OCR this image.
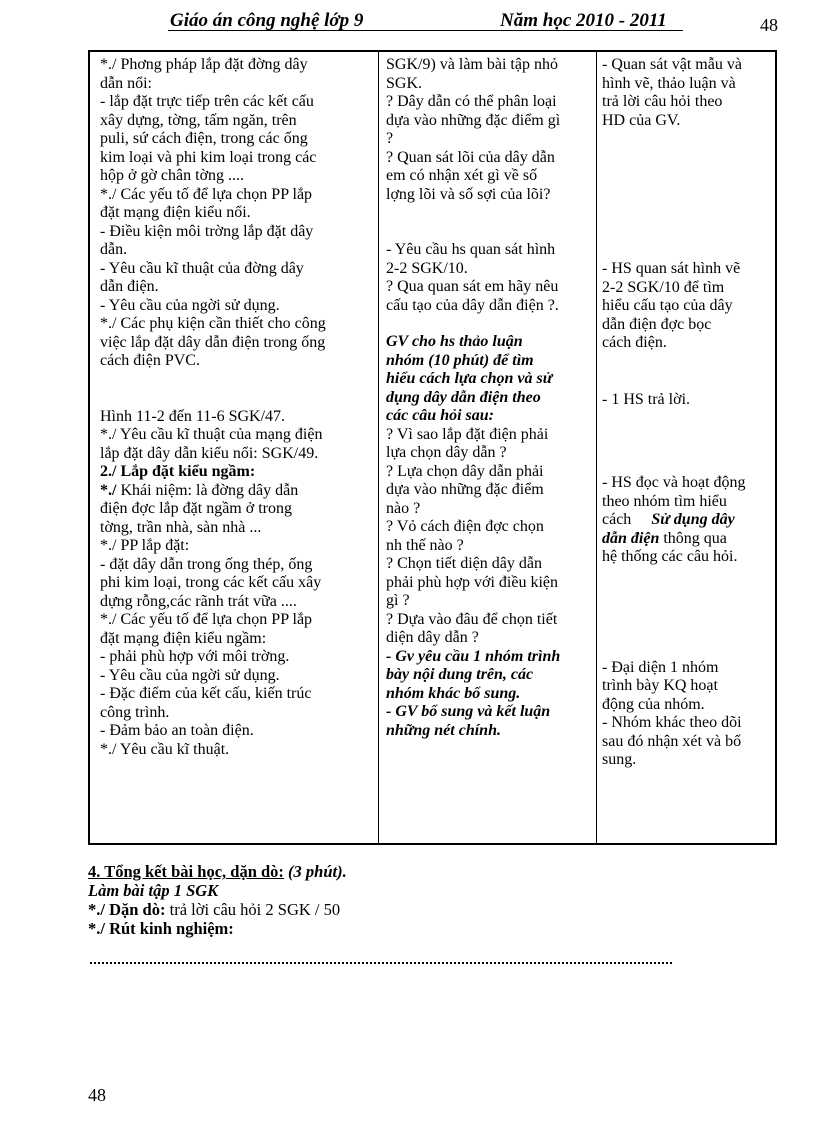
Giáo án công nghệ lớp 9	Năm học 2010 - 2011	48
*./ Phơng pháp lắp đặt đờng dây
dẫn nổi:
- lắp đặt trực tiếp trên các kết cấu
xây dựng, tờng, tấm ngăn, trên
puli, sứ cách điện, trong các ống
kim loại và phi kim loại trong các
hộp ở gờ chân tờng ....
*./ Các yếu tố để lựa chọn PP lắp
đặt mạng điện kiểu nổi.
- Điều kiện môi trờng lắp đặt dây
dẫn.
- Yêu cầu kĩ thuật của đờng dây
dẫn điện.
- Yêu cầu của ngời sử dụng.
*./ Các phụ kiện cần thiết cho công
việc lắp đặt dây dẫn điện trong ống
cách điện PVC.
Hình 11-2 đến 11-6 SGK/47.
*./ Yêu cầu kĩ thuật của mạng điện
lắp đặt dây dẫn kiểu nổi: SGK/49.
2./ Lắp đặt kiểu ngầm:
*./ Khái niệm: là đờng dây dẫn
điện đợc lắp đặt ngầm ở trong
tờng, trần nhà, sàn nhà ...
*./ PP lắp đặt:
- đặt dây dẫn trong ống thép, ống
phi kim loại, trong các kết cấu xây
dựng rỗng,các rãnh trát vữa ....
*./ Các yếu tố để lựa chọn PP lắp
đặt mạng điện kiểu ngầm:
- phải phù hợp với môi trờng.
- Yêu cầu của ngời sử dụng.
- Đặc điểm của kết cấu, kiến trúc
công trình.
- Đảm bảo an toàn điện.
*./ Yêu cầu kĩ thuật.
SGK/9) và làm bài tập nhỏ
SGK.
? Dây dẫn có thể phân loại
dựa vào những đặc điểm gì
?
? Quan sát lõi của dây dẫn
em có nhận xét gì về số
lợng lõi và số sợi của lõi?
- Yêu cầu hs quan sát hình
2-2 SGK/10.
? Qua quan sát em hãy nêu
cấu tạo của dây dẫn điện ?.
GV cho hs thảo luận
nhóm (10 phút) để tìm
hiểu cách lựa chọn và sử
dụng dây dẫn điện theo
các câu hỏi sau:
? Vì sao lắp đặt điện phải
lựa chọn dây dẫn ?
? Lựa chọn dây dẫn phải
dựa vào những đặc điểm
nào ?
? Vỏ cách điện đợc chọn
nh thế nào ?
? Chọn tiết diện dây dẫn
phải phù hợp với điều kiện
gì ?
? Dựa vào đâu để chọn tiết
diện dây dẫn ?
- Gv yêu cầu 1 nhóm trình
bày nội dung trên, các
nhóm khác bổ sung.
- GV bổ sung và kết luận
những nét chính.
- Quan sát vật mẫu và
hình vẽ, thảo luận và
trả lời câu hỏi theo
HD của GV.
- HS quan sát hình vẽ
2-2 SGK/10 để tìm
hiểu cấu tạo của dây
dẫn điện đợc bọc
cách điện.
- 1 HS trả lời.
- HS đọc và hoạt động
theo nhóm tìm hiểu
cách Sử dụng dây
dẫn điện thông qua
hệ thống các câu hỏi.
- Đại diện 1 nhóm
trình bày KQ hoạt
động của nhóm.
- Nhóm khác theo dõi
sau đó nhận xét và bổ
sung.
4. Tổng kết bài học, dặn dò: (3 phút).
Làm bài tập 1 SGK
*./ Dặn dò: trả lời câu hỏi 2 SGK / 50
*./ Rút kinh nghiệm:
48
